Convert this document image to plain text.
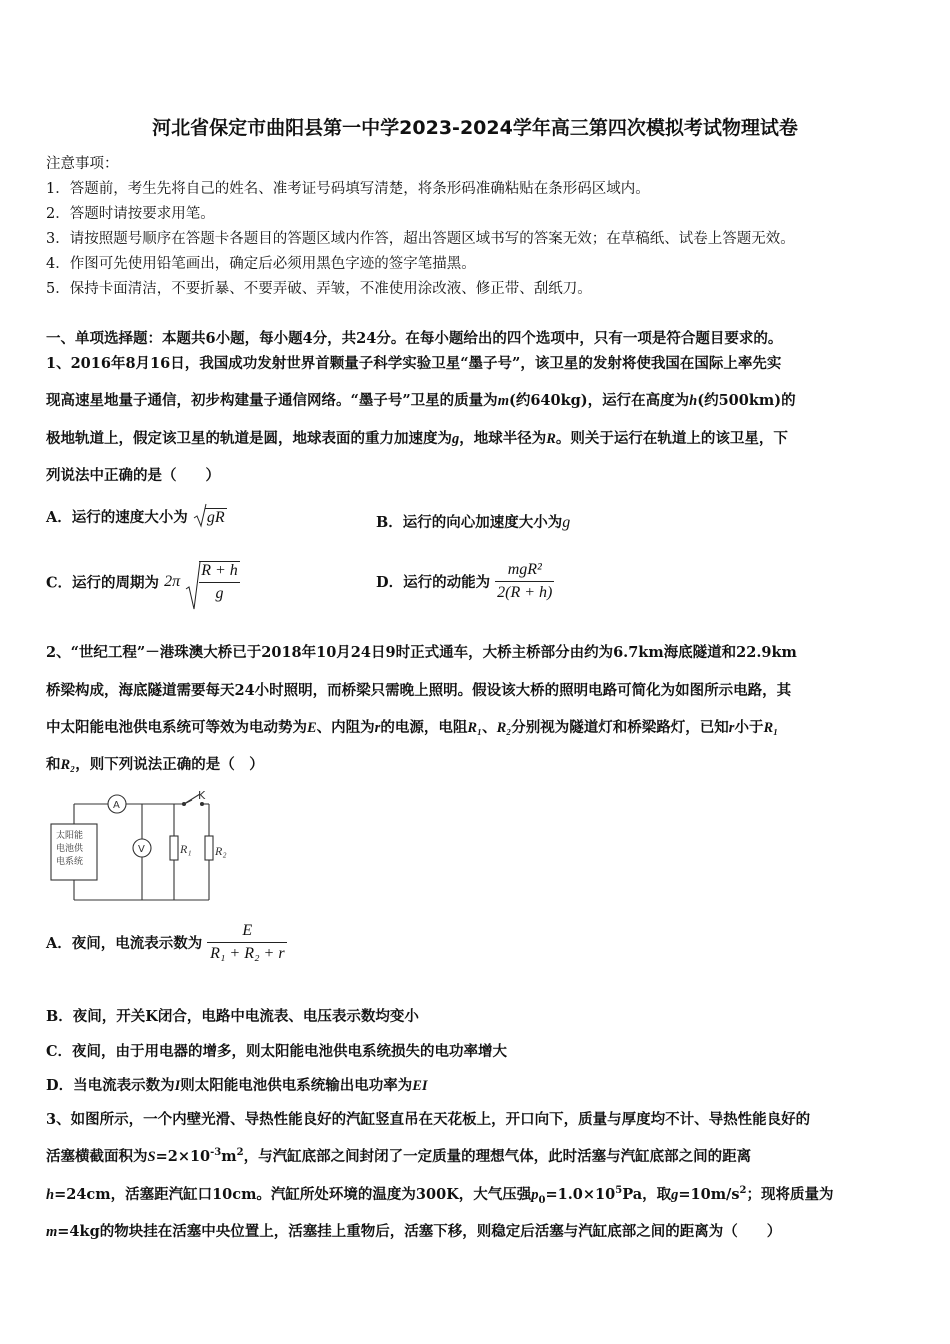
河北省保定市曲阳县第一中学2023-2024学年高三第四次模拟考试物理试卷
注意事项：
1．答题前，考生先将自己的姓名、准考证号码填写清楚，将条形码准确粘贴在条形码区域内。
2．答题时请按要求用笔。
3．请按照题号顺序在答题卡各题目的答题区域内作答，超出答题区域书写的答案无效；在草稿纸、试卷上答题无效。
4．作图可先使用铅笔画出，确定后必须用黑色字迹的签字笔描黑。
5．保持卡面清洁，不要折暴、不要弄破、弄皱，不准使用涂改液、修正带、刮纸刀。
一、单项选择题：本题共6小题，每小题4分，共24分。在每小题给出的四个选项中，只有一项是符合题目要求的。
1、2016年8月16日，我国成功发射世界首颗量子科学实验卫星“墨子号”，该卫星的发射将使我国在国际上率先实
现高速星地量子通信，初步构建量子通信网络。“墨子号”卫星的质量为m(约640kg)，运行在高度为h(约500km)的
极地轨道上，假定该卫星的轨道是圆，地球表面的重力加速度为g，地球半径为R。则关于运行在轨道上的该卫星，下
列说法中正确的是（　　）
A．运行的速度大小为 gR	B．运行的向心加速度大小为g
C．运行的周期为 $2\pi \frac{R + h}{g}$	D．运行的动能为 $\frac{\text{mgR²}}{2(R + h)}$
2、“世纪工程”－港珠澳大桥已于2018年10月24日9时正式通车，大桥主桥部分由约为6.7km海底隧道和22.9km
桥梁构成，海底隧道需要每天24小时照明，而桥梁只需晚上照明。假设该大桥的照明电路可简化为如图所示电路，其
中太阳能电池供电系统可等效为电动势为E、内阻为r的电源，电阻R₁、R₂分别视为隧道灯和桥梁路灯，已知r小于R₁
和R₂，则下列说法正确的是（　）
太阳能
电池供
电系统
A
V
K
R₁ R₂
A．夜间，电流表示数为 $\frac{E}{\text{R₁ + R₂ + r}}$
B．夜间，开关K闭合，电路中电流表、电压表示数均变小
C．夜间，由于用电器的增多，则太阳能电池供电系统损失的电功率增大
D．当电流表示数为I则太阳能电池供电系统输出电功率为EI
3、如图所示，一个内壁光滑、导热性能良好的汽缸竖直吊在天花板上，开口向下，质量与厚度均不计、导热性能良好的
活塞横截面积为$S=2\times 10^{-3}m^2$，与汽缸底部之间封闭了一定质量的理想气体，此时活塞与汽缸底部之间的距离
h=24cm，活塞距汽缸口10cm。汽缸所处环境的温度为300K，大气压强$p_0=1.0\times 10^5Pa$，取$g=10m/s^2$；现将质量为
m=4kg的物块挂在活塞中央位置上，活塞挂上重物后，活塞下移，则稳定后活塞与汽缸底部之间的距离为（　　）
